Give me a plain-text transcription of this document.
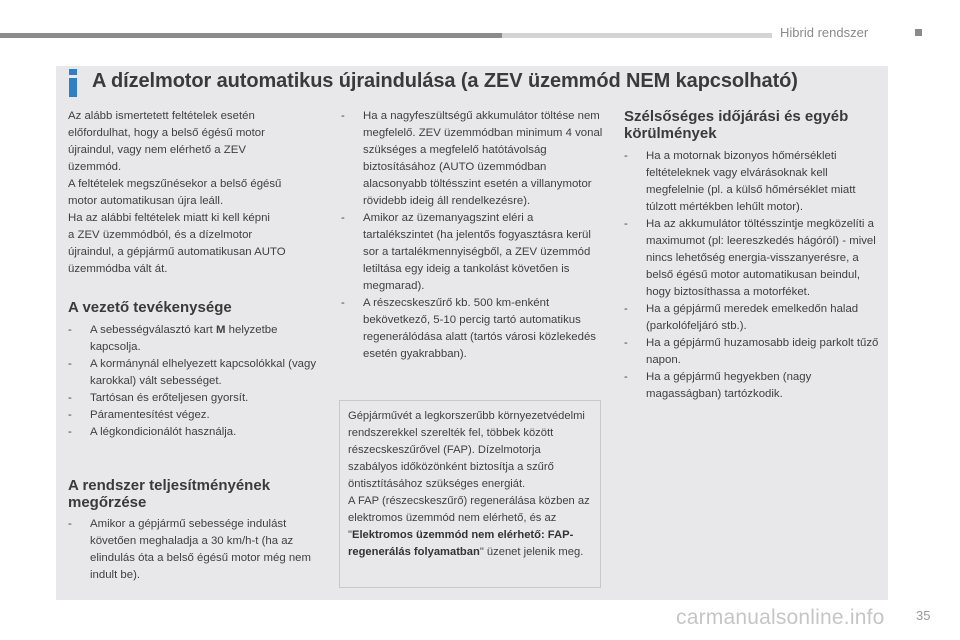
Hibrid rendszer
A dízelmotor automatikus újraindulása (a ZEV üzemmód NEM kapcsolható)
Az alább ismertetett feltételek esetén
előfordulhat, hogy a belső égésű motor
újraindul, vagy nem elérhető a ZEV
üzemmód.
A feltételek megszűnésekor a belső égésű
motor automatikusan újra leáll.
Ha az alábbi feltételek miatt ki kell képni
a ZEV üzemmódból, és a dízelmotor
újraindul, a gépjármű automatikusan AUTO
üzemmódba vált át.
A vezető tevékenysége
- A sebességválasztó kart M helyzetbe kapcsolja.
- A kormánynál elhelyezett kapcsolókkal (vagy karokkal) vált sebességet.
- Tartósan és erőteljesen gyorsít.
- Páramentesítést végez.
- A légkondicionálót használja.
A rendszer teljesítményének megőrzése
- Amikor a gépjármű sebessége indulást követően meghaladja a 30 km/h-t (ha az elindulás óta a belső égésű motor még nem indult be).
- Ha a nagyfeszültségű akkumulátor töltése nem megfelelő. ZEV üzemmódban minimum 4 vonal szükséges a megfelelő hatótávolság biztosításához (AUTO üzemmódban alacsonyabb töltésszint esetén a villanymotor rövidebb ideig áll rendelkezésre).
- Amikor az üzemanyagszint eléri a tartalékszintet (ha jelentős fogyasztásra kerül sor a tartalékmennyiségből, a ZEV üzemmód letiltása egy ideig a tankolást követően is megmarad).
- A részecskeszűrő kb. 500 km-enként bekövetkező, 5-10 percig tartó automatikus regenerálódása alatt (tartós városi közlekedés esetén gyakrabban).
Gépjárművét a legkorszerűbb környezetvédelmi rendszerekkel szerelték fel, többek között részecskeszűrővel (FAP). Dízelmotorja szabályos időközönként biztosítja a szűrő öntisztításához szükséges energiát.
A FAP (részecskeszűrő) regenerálása közben az elektromos üzemmód nem elérhető, és az "Elektromos üzemmód nem elérhető: FAP-regenerálás folyamatban" üzenet jelenik meg.
Szélsőséges időjárási és egyéb körülmények
- Ha a motornak bizonyos hőmérsékleti feltételeknek vagy elvárásoknak kell megfelelnie (pl. a külső hőmérséklet miatt túlzott mértékben lehűlt motor).
- Ha az akkumulátor töltésszintje megközelíti a maximumot (pl: leereszkedés hágóról) - mivel nincs lehetőség energia-visszanyerésre, a belső égésű motor automatikusan beindul, hogy biztosíthassa a motorféket.
- Ha a gépjármű meredek emelkedőn halad (parkolófeljáró stb.).
- Ha a gépjármű huzamosabb ideig parkolt tűző napon.
- Ha a gépjármű hegyekben (nagy magasságban) tartózkodik.
carmanualsonline.info 35
